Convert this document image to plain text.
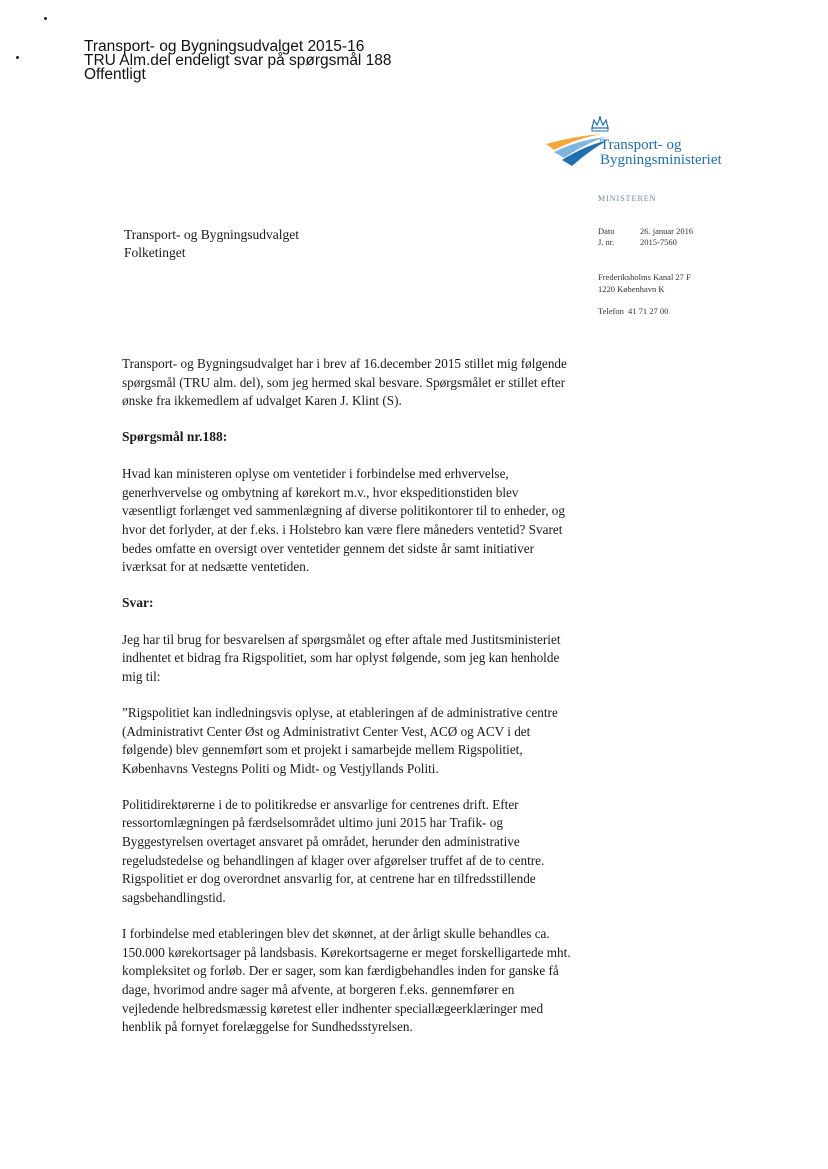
Transport- og Bygningsudvalget 2015-16
TRU Alm.del endeligt svar på spørgsmål 188
Offentligt
Transport- og
Bygningsministeriet
MINISTEREN
Transport- og Bygningsudvalget
Folketinget
Dato	26. januar 2016
J. nr.	2015-7560
Frederiksholms Kanal 27 F
1220 København K
Telefon 41 71 27 00

Transport- og Bygningsudvalget har i brev af 16.december 2015 stillet mig følgende spørgsmål (TRU alm. del), som jeg hermed skal besvare. Spørgsmålet er stillet efter ønske fra ikkemedlem af udvalget Karen J. Klint (S).

Spørgsmål nr.188:

Hvad kan ministeren oplyse om ventetider i forbindelse med erhvervelse, generhvervelse og ombytning af kørekort m.v., hvor ekspeditionstiden blev væsentligt forlænget ved sammenlægning af diverse politikontorer til to enheder, og hvor det forlyder, at der f.eks. i Holstebro kan være flere måneders ventetid? Svaret bedes omfatte en oversigt over ventetider gennem det sidste år samt initiativer iværksat for at nedsætte ventetiden.

Svar:

Jeg har til brug for besvarelsen af spørgsmålet og efter aftale med Justitsministeriet indhentet et bidrag fra Rigspolitiet, som har oplyst følgende, som jeg kan henholde mig til:

”Rigspolitiet kan indledningsvis oplyse, at etableringen af de administrative centre (Administrativt Center Øst og Administrativt Center Vest, ACØ og ACV i det følgende) blev gennemført som et projekt i samarbejde mellem Rigspolitiet, Københavns Vestegns Politi og Midt- og Vestjyllands Politi.

Politidirektørerne i de to politikredse er ansvarlige for centrenes drift. Efter ressortomlægningen på færdselsområdet ultimo juni 2015 har Trafik- og Byggestyrelsen overtaget ansvaret på området, herunder den administrative regeludstedelse og behandlingen af klager over afgørelser truffet af de to centre. Rigspolitiet er dog overordnet ansvarlig for, at centrene har en tilfredsstillende sagsbehandlingstid.

I forbindelse med etableringen blev det skønnet, at der årligt skulle behandles ca. 150.000 kørekortsager på landsbasis. Kørekortsagerne er meget forskelligartede mht. kompleksitet og forløb. Der er sager, som kan færdigbehandles inden for ganske få dage, hvorimod andre sager må afvente, at borgeren f.eks. gennemfører en vejledende helbredsmæssig køretest eller indhenter speciallægeerklæringer med henblik på fornyet forelæggelse for Sundhedsstyrelsen.
